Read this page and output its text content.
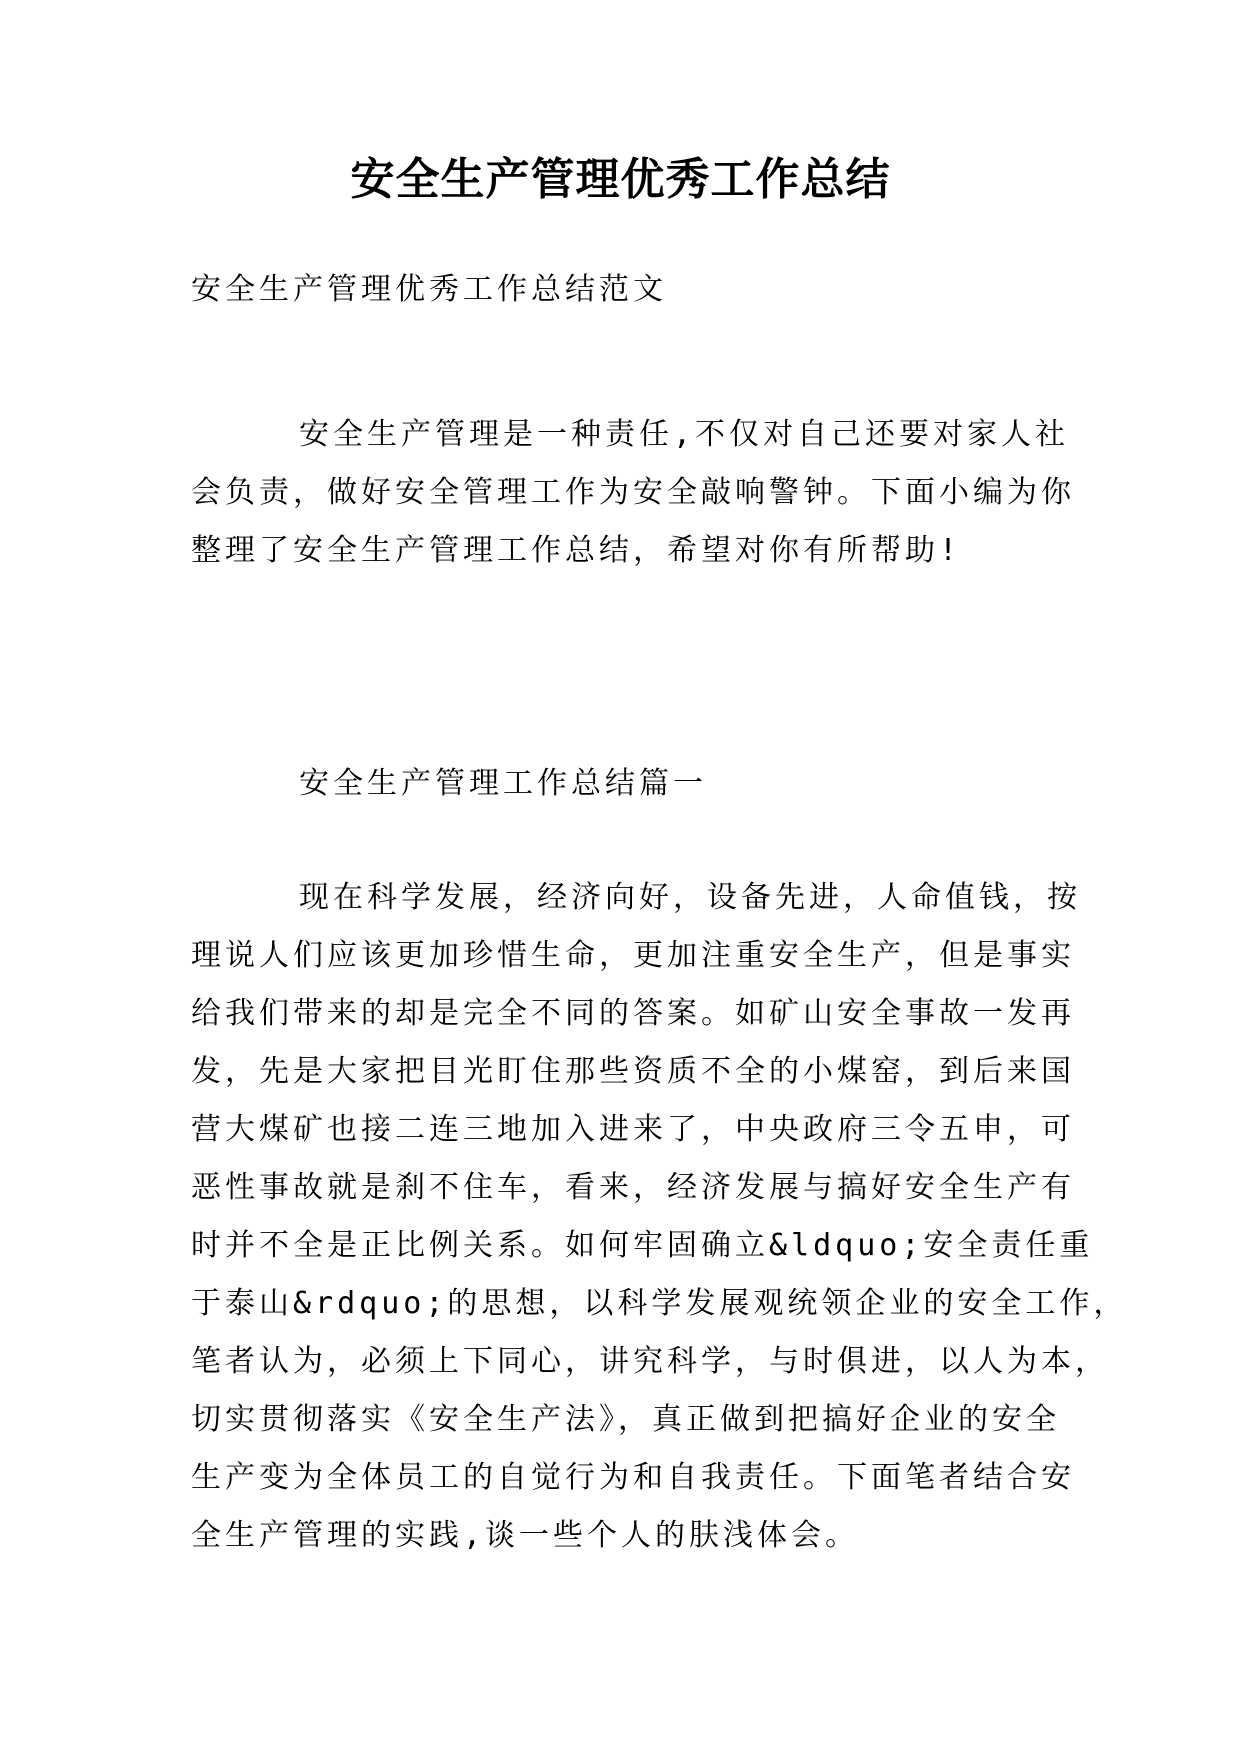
安全生产管理优秀工作总结

安全生产管理优秀工作总结范文

安全生产管理是一种责任,不仅对自己还要对家人社
会负责，做好安全管理工作为安全敲响警钟。下面小编为你
整理了安全生产管理工作总结，希望对你有所帮助!

安全生产管理工作总结篇一

现在科学发展，经济向好，设备先进，人命值钱，按
理说人们应该更加珍惜生命，更加注重安全生产，但是事实
给我们带来的却是完全不同的答案。如矿山安全事故一发再
发，先是大家把目光盯住那些资质不全的小煤窑，到后来国
营大煤矿也接二连三地加入进来了，中央政府三令五申，可
恶性事故就是刹不住车，看来，经济发展与搞好安全生产有
时并不全是正比例关系。如何牢固确立&ldquo;安全责任重
于泰山&rdquo;的思想，以科学发展观统领企业的安全工作，
笔者认为，必须上下同心，讲究科学，与时俱进，以人为本，
切实贯彻落实《安全生产法》，真正做到把搞好企业的安全
生产变为全体员工的自觉行为和自我责任。下面笔者结合安
全生产管理的实践,谈一些个人的肤浅体会。
